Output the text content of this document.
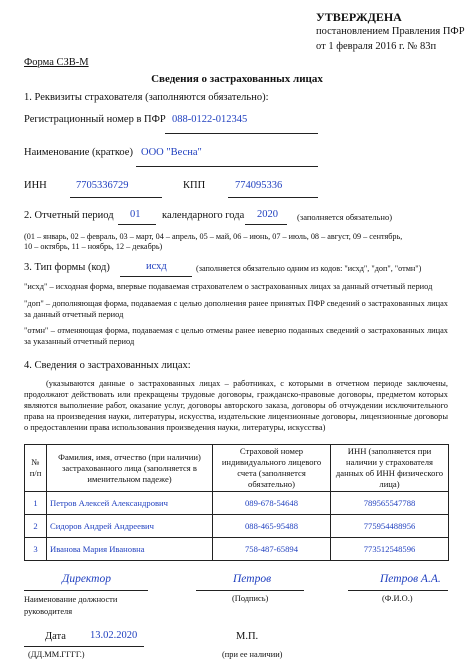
УТВЕРЖДЕНА
постановлением Правления ПФР
от 1 февраля 2016 г. № 83п
Форма СЗВ-М
Сведения о застрахованных лицах
1. Реквизиты страхователя (заполняются обязательно):
Регистрационный номер в ПФР 088-0122-012345
Наименование (краткое) ООО "Весна"
ИНН	7705336729	КПП	774095336
2. Отчетный период 01 календарного года 2020 (заполняется обязательно)
(01 – январь, 02 – февраль, 03 – март, 04 – апрель, 05 – май, 06 – июнь, 07 – июль, 08 – август, 09 – сентябрь,
10 – октябрь, 11 – ноябрь, 12 – декабрь)
3. Тип формы (код)	исхд	(заполняется обязательно одним из кодов: "исхд", "доп", "отмн")
"исхд" – исходная форма, впервые подаваемая страхователем о застрахованных лицах за данный отчетный период
"доп" – дополняющая форма, подаваемая с целью дополнения ранее принятых ПФР сведений о застрахованных лицах за данный отчетный период
"отмн" – отменяющая форма, подаваемая с целью отмены ранее неверно поданных сведений о застрахованных лицах за указанный отчетный период
4. Сведения о застрахованных лицах:
(указываются данные о застрахованных лицах – работниках, с которыми в отчетном периоде заключены, продолжают действовать или прекращены трудовые договоры, гражданско-правовые договоры, предметом которых являются выполнение работ, оказание услуг, договоры авторского заказа, договоры об отчуждении исключительного права на произведения науки, литературы, искусства, издательские лицензионные договоры, лицензионные договоры о предоставлении права использования произведения науки, литературы, искусства)
№ п/п	Фамилия, имя, отчество (при наличии) застрахованного лица (заполняется в именительном падеже)	Страховой номер индивидуального лицевого счета (заполняется обязательно)	ИНН (заполняется при наличии у страхователя данных об ИНН физического лица)
1	Петров Алексей Александрович	089-678-54648	789565547788
2	Сидоров Андрей Андреевич	088-465-95488	775954488956
3	Иванова Мария Ивановна	758-487-65894	773512548596
Директор	Петров	Петров А.А.
Наименование должности руководителя
(Подпись)	(Ф.И.О.)
Дата 13.02.2020	М.П.
(ДД.ММ.ГГГГ.)	(при ее наличии)
